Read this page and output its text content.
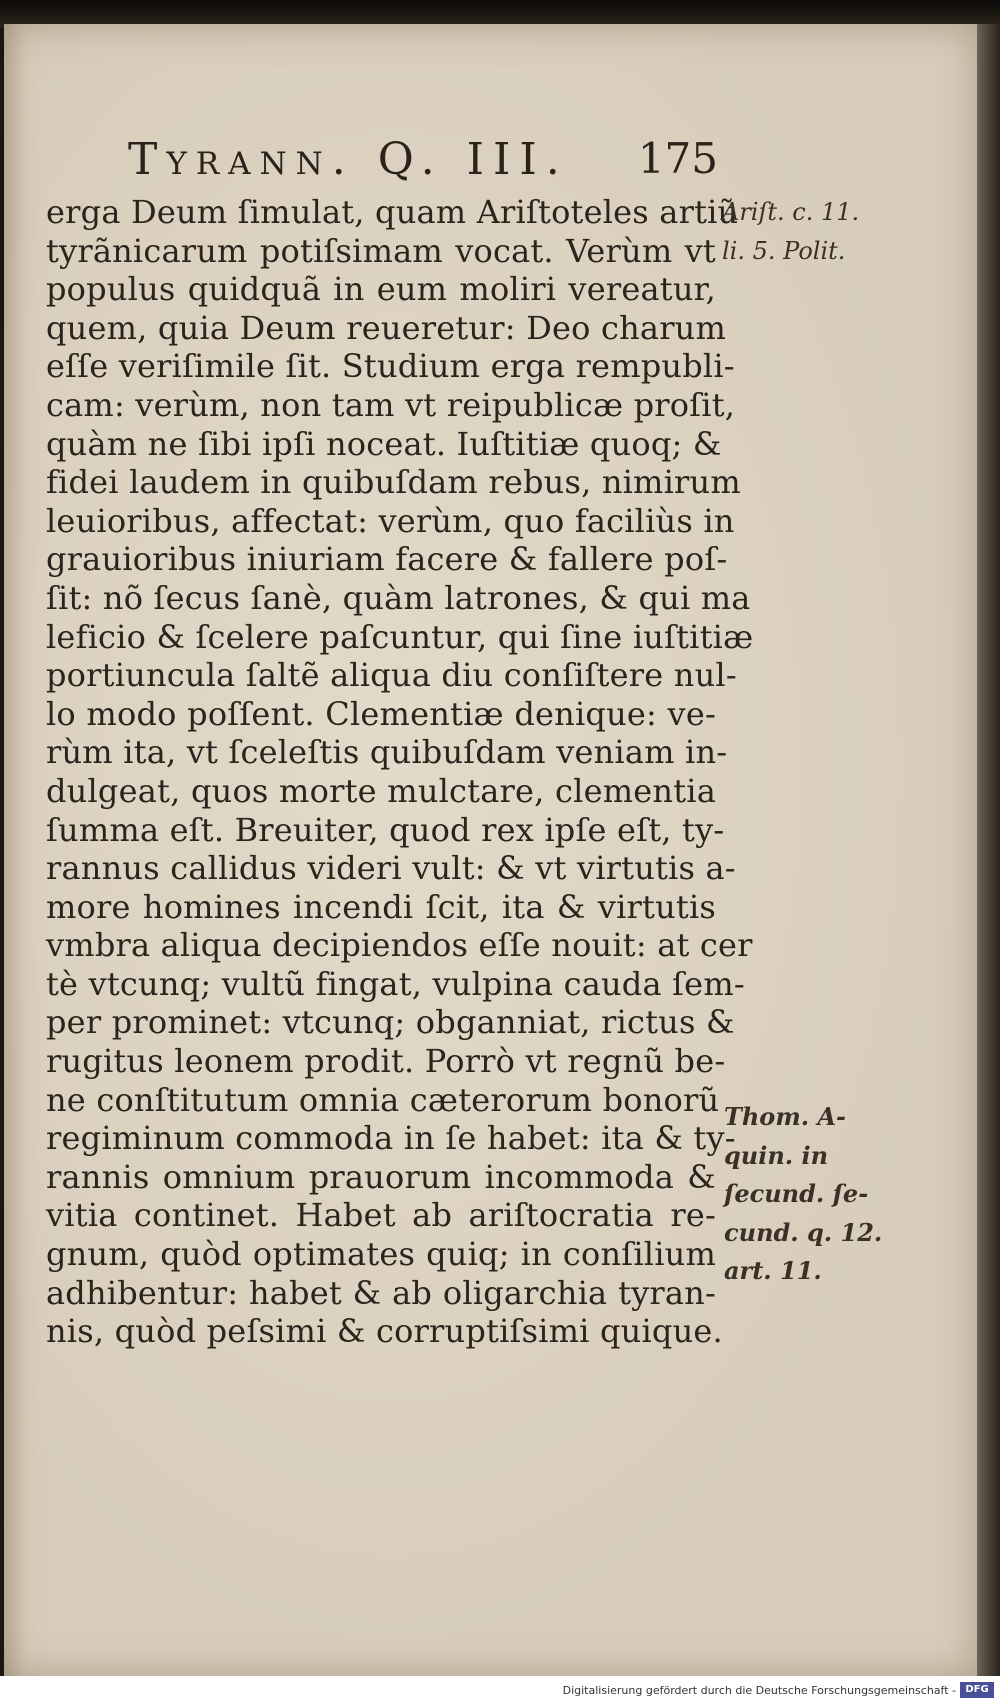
Tyrann. Q. III. 175
erga Deum ſimulat, quam Ariſtoteles artiũ
tyrãnicarum potiſsimam vocat. Verùm vt
populus quidquã in eum moliri vereatur,
quem, quia Deum reueretur: Deo charum
eſſe veriſimile ſit. Studium erga rempubli-
cam: verùm, non tam vt reipublicæ proſit,
quàm ne ſibi ipſi noceat. Iuſtitiæ quoq; &
fidei laudem in quibuſdam rebus, nimirum
leuioribus, affectat: verùm, quo faciliùs in
grauioribus iniuriam facere & fallere poſ-
ſit: nõ ſecus ſanè, quàm latrones, & qui ma
leficio & ſcelere paſcuntur, qui ſine iuſtitiæ
portiuncula ſaltẽ aliqua diu conſiſtere nul-
lo modo poſſent. Clementiæ denique: ve-
rùm ita, vt ſceleſtis quibuſdam veniam in-
dulgeat, quos morte mulctare, clementia
ſumma eſt. Breuiter, quod rex ipſe eſt, ty-
rannus callidus videri vult: & vt virtutis a-
more homines incendi ſcit, ita & virtutis
vmbra aliqua decipiendos eſſe nouit: at cer
tè vtcunq; vultũ fingat, vulpina cauda ſem-
per prominet: vtcunq; obganniat, rictus &
rugitus leonem prodit. Porrò vt regnũ be-
ne conſtitutum omnia cæterorum bonorũ
regiminum commoda in ſe habet: ita & ty-
rannis omnium prauorum incommoda &
vitia continet. Habet ab ariſtocratia re-
gnum, quòd optimates quiq; in conſilium
adhibentur: habet & ab oligarchia tyran-
nis, quòd peſsimi & corruptiſsimi quique.
Ariſt. c. 11.
li. 5. Polit.
Thom. A-
quin. in
ſecund. ſe-
cund. q. 12.
art. 11.
Digitalisierung gefördert durch die Deutsche Forschungsgemeinschaft - DFG
